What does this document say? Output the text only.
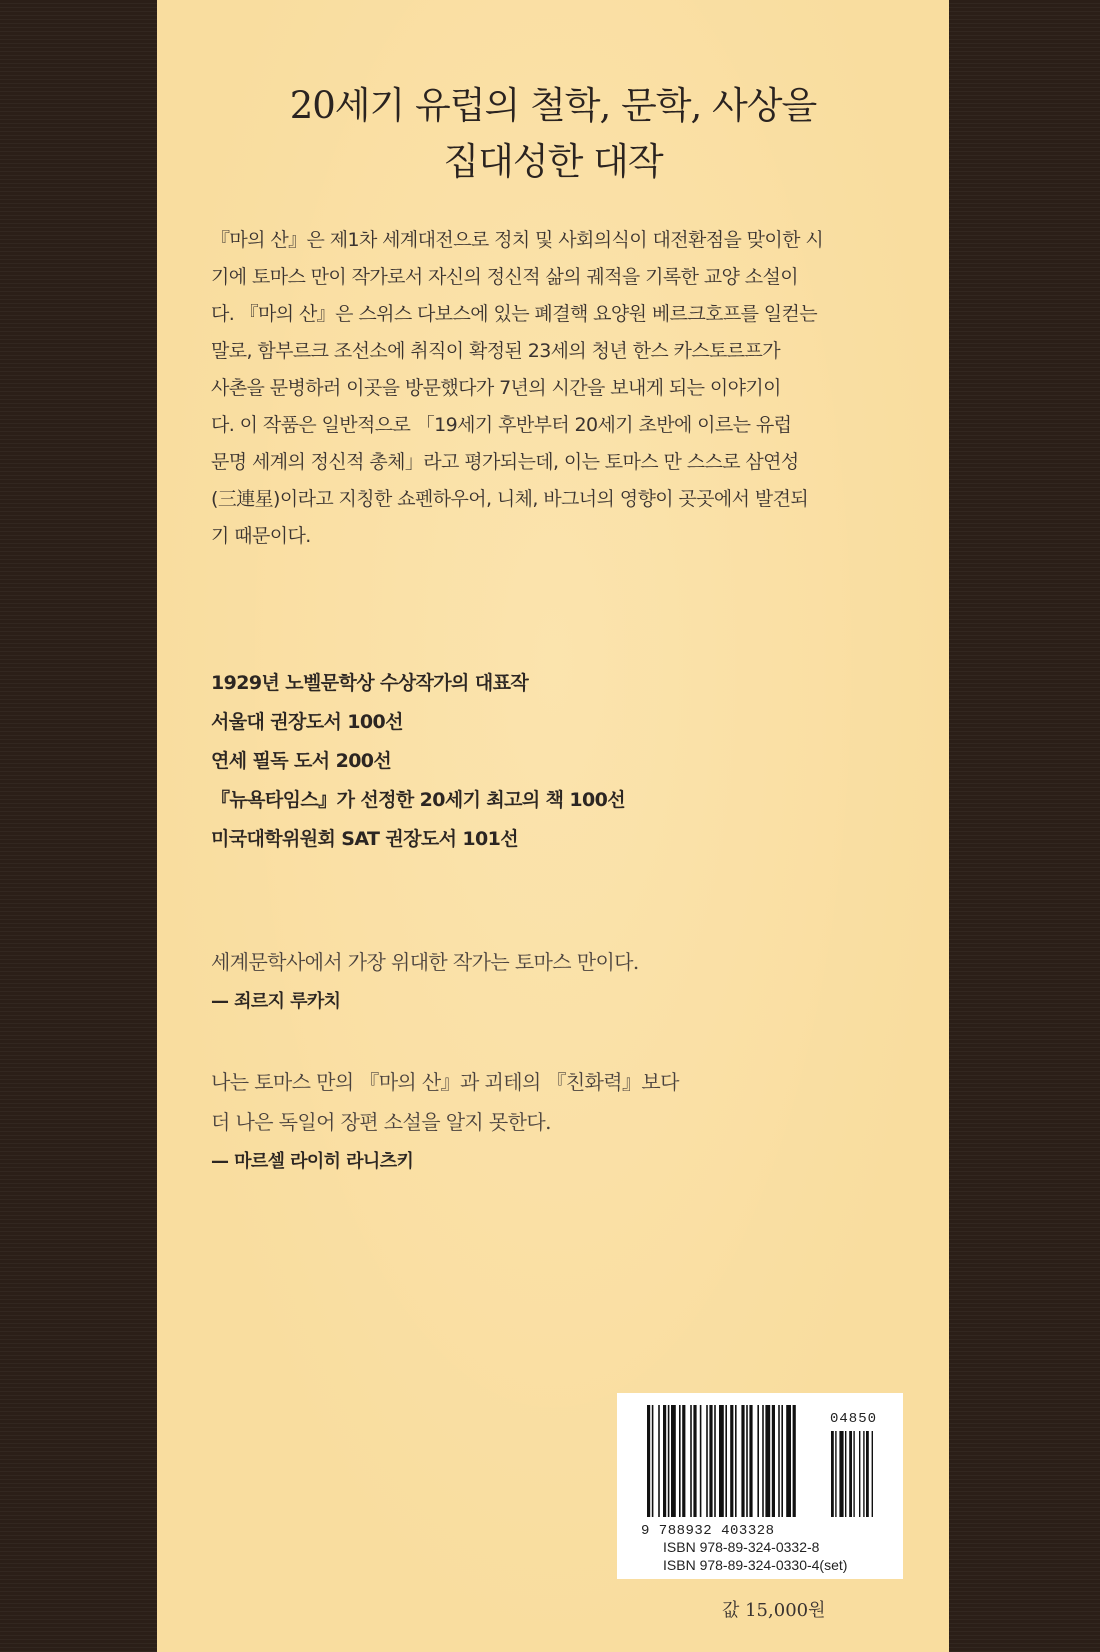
20세기 유럽의 철학, 문학, 사상을
집대성한 대작
『마의 산』은 제1차 세계대전으로 정치 및 사회의식이 대전환점을 맞이한 시
기에 토마스 만이 작가로서 자신의 정신적 삶의 궤적을 기록한 교양 소설이
다. 『마의 산』은 스위스 다보스에 있는 폐결핵 요양원 베르크호프를 일컫는
말로, 함부르크 조선소에 취직이 확정된 23세의 청년 한스 카스토르프가
사촌을 문병하러 이곳을 방문했다가 7년의 시간을 보내게 되는 이야기이
다. 이 작품은 일반적으로 「19세기 후반부터 20세기 초반에 이르는 유럽
문명 세계의 정신적 총체」라고 평가되는데, 이는 토마스 만 스스로 삼연성
(三連星)이라고 지칭한 쇼펜하우어, 니체, 바그너의 영향이 곳곳에서 발견되
기 때문이다.
1929년 노벨문학상 수상작가의 대표작
서울대 권장도서 100선
연세 필독 도서 200선
『뉴욕타임스』가 선정한 20세기 최고의 책 100선
미국대학위원회 SAT 권장도서 101선
세계문학사에서 가장 위대한 작가는 토마스 만이다.
— 죄르지 루카치
나는 토마스 만의 『마의 산』과 괴테의 『친화력』보다
더 나은 독일어 장편 소설을 알지 못한다.
— 마르셀 라이히 라니츠키
04850
9 788932 403328
ISBN 978-89-324-0332-8
ISBN 978-89-324-0330-4(set)
값 15,000원
